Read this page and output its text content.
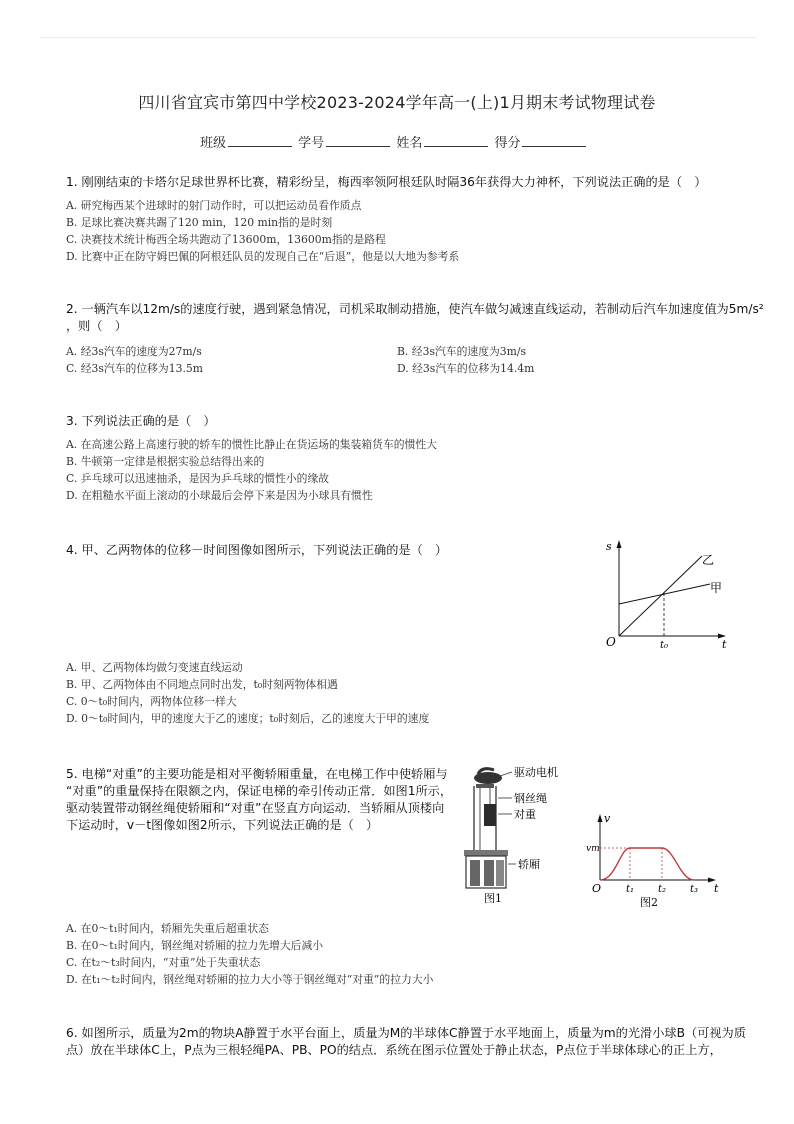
四川省宜宾市第四中学校2023-2024学年高一(上)1月期末考试物理试卷
班级	学号	姓名	得分
1. 刚刚结束的卡塔尔足球世界杯比赛，精彩纷呈，梅西率领阿根廷队时隔36年获得大力神杯，下列说法正确的是（　）
A. 研究梅西某个进球时的射门动作时，可以把运动员看作质点
B. 足球比赛决赛共踢了120 min，120 min指的是时刻
C. 决赛技术统计梅西全场共跑动了13600m，13600m指的是路程
D. 比赛中正在防守姆巴佩的阿根廷队员的发现自己在“后退”，他是以大地为参考系
2. 一辆汽车以12m/s的速度行驶，遇到紧急情况，司机采取制动措施，使汽车做匀减速直线运动，若制动后汽车加速度值为5m/s²
，则（　）
A. 经3s汽车的速度为27m/s	B. 经3s汽车的速度为3m/s
C. 经3s汽车的位移为13.5m	D. 经3s汽车的位移为14.4m
3. 下列说法正确的是（　）
A. 在高速公路上高速行驶的轿车的惯性比静止在货运场的集装箱货车的惯性大
B. 牛顿第一定律是根据实验总结得出来的
C. 乒乓球可以迅速抽杀，是因为乒乓球的惯性小的缘故
D. 在粗糙水平面上滚动的小球最后会停下来是因为小球具有惯性
4. 甲、乙两物体的位移－时间图像如图所示，下列说法正确的是（　）	s
t
O	t₀
乙
甲
A. 甲、乙两物体均做匀变速直线运动
B. 甲、乙两物体由不同地点同时出发，t₀时刻两物体相遇
C. 0～t₀时间内，两物体位移一样大
D. 0～t₀时间内，甲的速度大于乙的速度；t₀时刻后，乙的速度大于甲的速度
5. 电梯“对重”的主要功能是相对平衡轿厢重量，在电梯工作中使轿厢与
“对重”的重量保持在限额之内，保证电梯的牵引传动正常．如图1所示，
驱动装置带动钢丝绳使轿厢和“对重”在竖直方向运动．当轿厢从顶楼向
下运动时，v－t图像如图2所示，下列说法正确的是（　）
驱动电机
钢丝绳
对重
轿厢
图1
v
vm
t
O t₁ t₂ t₃
图2
A. 在0～t₁时间内，轿厢先失重后超重状态
B. 在0～t₁时间内，钢丝绳对轿厢的拉力先增大后减小
C. 在t₂～t₃时间内，“对重”处于失重状态
D. 在t₁～t₂时间内，钢丝绳对轿厢的拉力大小等于钢丝绳对“对重”的拉力大小
6. 如图所示，质量为2m的物块A静置于水平台面上，质量为M的半球体C静置于水平地面上，质量为m的光滑小球B（可视为质
点）放在半球体C上，P点为三根轻绳PA、PB、PO的结点．系统在图示位置处于静止状态，P点位于半球体球心的正上方，
